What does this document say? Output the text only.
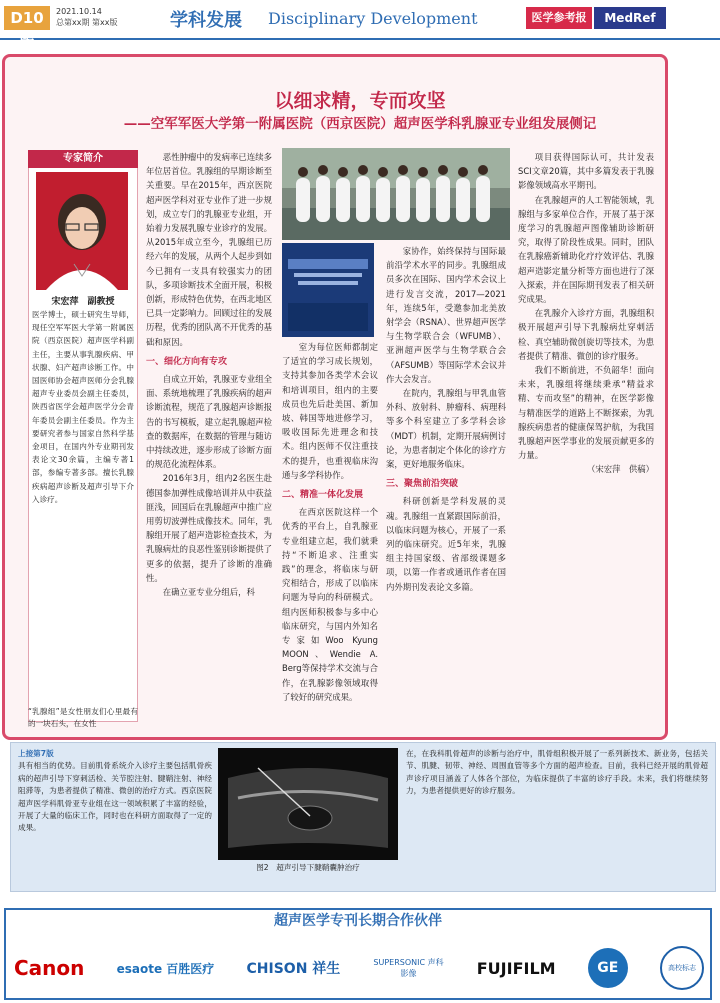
D10版
2021.10.14
总第xx期 第xx版	学科发展 Disciplinary Development	医学参考报	MedRef
以细求精，专而攻坚
——空军军医大学第一附属医院（西京医院）超声医学科乳腺亚专业组发展侧记
专家简介
宋宏萍　副教授
医学博士，硕士研究生导师，现任空军军医大学第一附属医院（西京医院）超声医学科副主任，主要从事乳腺疾病、甲状腺、妇产超声诊断工作。中国医师协会超声医师分会乳腺超声专业委员会副主任委员，陕西省医学会超声医学分会青年委员会副主任委员。作为主要研究者参与国家自然科学基金项目，在国内外专业期刊发表论文30余篇，主编专著1部，参编专著多部。擅长乳腺疾病超声诊断及超声引导下介入诊疗。
“乳腺组”是女性朋友们心里最有的一块石头，在女性

恶性肿瘤中的发病率已连续多年位居首位。乳腺组的早期诊断至关重要。早在2015年，西京医院超声医学科对亚专业作了进一步规划，成立专门的乳腺亚专业组，开始着力发展乳腺专业诊疗的发展。从2015年成立至今，乳腺组已历经六年的发展，从两个人起步到如今已拥有一支具有较强实力的团队，多项诊断技术全面开展，积极创新，形成特色优势，在西北地区已具一定影响力。回顾过往的发展历程，优秀的团队离不开优秀的基础和原因。

一、细化方向有专攻

自成立开始，乳腺亚专业组全面、系统地梳理了乳腺疾病的超声诊断流程，规范了乳腺超声诊断报告的书写模板，建立起乳腺超声检查的数据库，在数据的管理与随访中持续改进，逐步形成了诊断方面的规范化流程体系。

2016年3月，组内2名医生赴德国参加弹性成像培训并从中获益匪浅，回国后在乳腺超声中推广应用剪切波弹性成像技术。同年，乳腺组开展了超声造影检查技术，为乳腺病灶的良恶性鉴别诊断提供了更多的依据，提升了诊断的准确性。

在确立亚专业分组后，科

室为每位医师都制定了适宜的学习成长规划，支持其参加各类学术会议和培训项目，组内的主要成员也先后赴美国、新加坡、韩国等地进修学习，吸收国际先进理念和技术。组内医师不仅注重技术的提升，也重视临床沟通与多学科协作。

二、精准一体化发展

在西京医院这样一个优秀的平台上，自乳腺亚专业组建立起，我们就秉持“不断追求、注重实践”的理念，将临床与研究相结合，形成了以临床问题为导向的科研模式。组内医师积极参与多中心临床研究，与国内外知名专家如Woo Kyung MOON、Wendie A. Berg等保持学术交流与合作，在乳腺影像领域取得了较好的研究成果。

家协作，始终保持与国际最前沿学术水平的同步。乳腺组成员多次在国际、国内学术会议上进行发言交流，2017—2021年，连续5年，受邀参加北美放射学会（RSNA）、世界超声医学与生物学联合会（WFUMB）、亚洲超声医学与生物学联合会（AFSUMB）等国际学术会议并作大会发言。

在院内，乳腺组与甲乳血管外科、放射科、肿瘤科、病理科等多个科室建立了多学科会诊（MDT）机制，定期开展病例讨论，为患者制定个体化的诊疗方案，更好地服务临床。

三、聚焦前沿突破

科研创新是学科发展的灵魂。乳腺组一直紧跟国际前沿，以临床问题为核心，开展了一系列的临床研究。近5年来，乳腺组主持国家级、省部级课题多项，以第一作者或通讯作者在国内外期刊发表论文多篇。

项目获得国际认可，共计发表SCI文章20篇，其中多篇发表于乳腺影像领域高水平期刊。

在乳腺超声的人工智能领域，乳腺组与多家单位合作，开展了基于深度学习的乳腺超声图像辅助诊断研究，取得了阶段性成果。同时，团队在乳腺癌新辅助化疗疗效评估、乳腺超声造影定量分析等方面也进行了深入探索，并在国际期刊发表了相关研究成果。

在乳腺介入诊疗方面，乳腺组积极开展超声引导下乳腺病灶穿刺活检、真空辅助微创旋切等技术，为患者提供了精准、微创的诊疗服务。

我们不断前进，不负韶华！面向未来，乳腺组将继续秉承“精益求精、专而攻坚”的精神，在医学影像与精准医学的道路上不断探索，为乳腺疾病患者的健康保驾护航，为我国乳腺超声医学事业的发展贡献更多的力量。

（宋宏萍　供稿）

上接第7版
具有相当的优势。目前肌骨系统介入诊疗主要包括肌骨疾病的超声引导下穿刺活检、关节腔注射、腱鞘注射、神经阻滞等，为患者提供了精准、微创的治疗方式。西京医院超声医学科肌骨亚专业组在这一领域积累了丰富的经验，开展了大量的临床工作，同时也在科研方面取得了一定的成果。
图2　超声引导下腱鞘囊肿治疗
在，在我科肌骨超声的诊断与治疗中，肌骨组积极开展了一系列新技术、新业务，包括关节、肌腱、韧带、神经、周围血管等多个方面的超声检查。目前，我科已经开展的肌骨超声诊疗项目涵盖了人体各个部位，为临床提供了丰富的诊疗手段。未来，我们将继续努力，为患者提供更好的诊疗服务。
超声医学专刊长期合作伙伴
Canon	esaote 百胜医疗 CHISON 祥生	SUPERSONIC 声科影像	FUJIFILM	GE	高校标志
